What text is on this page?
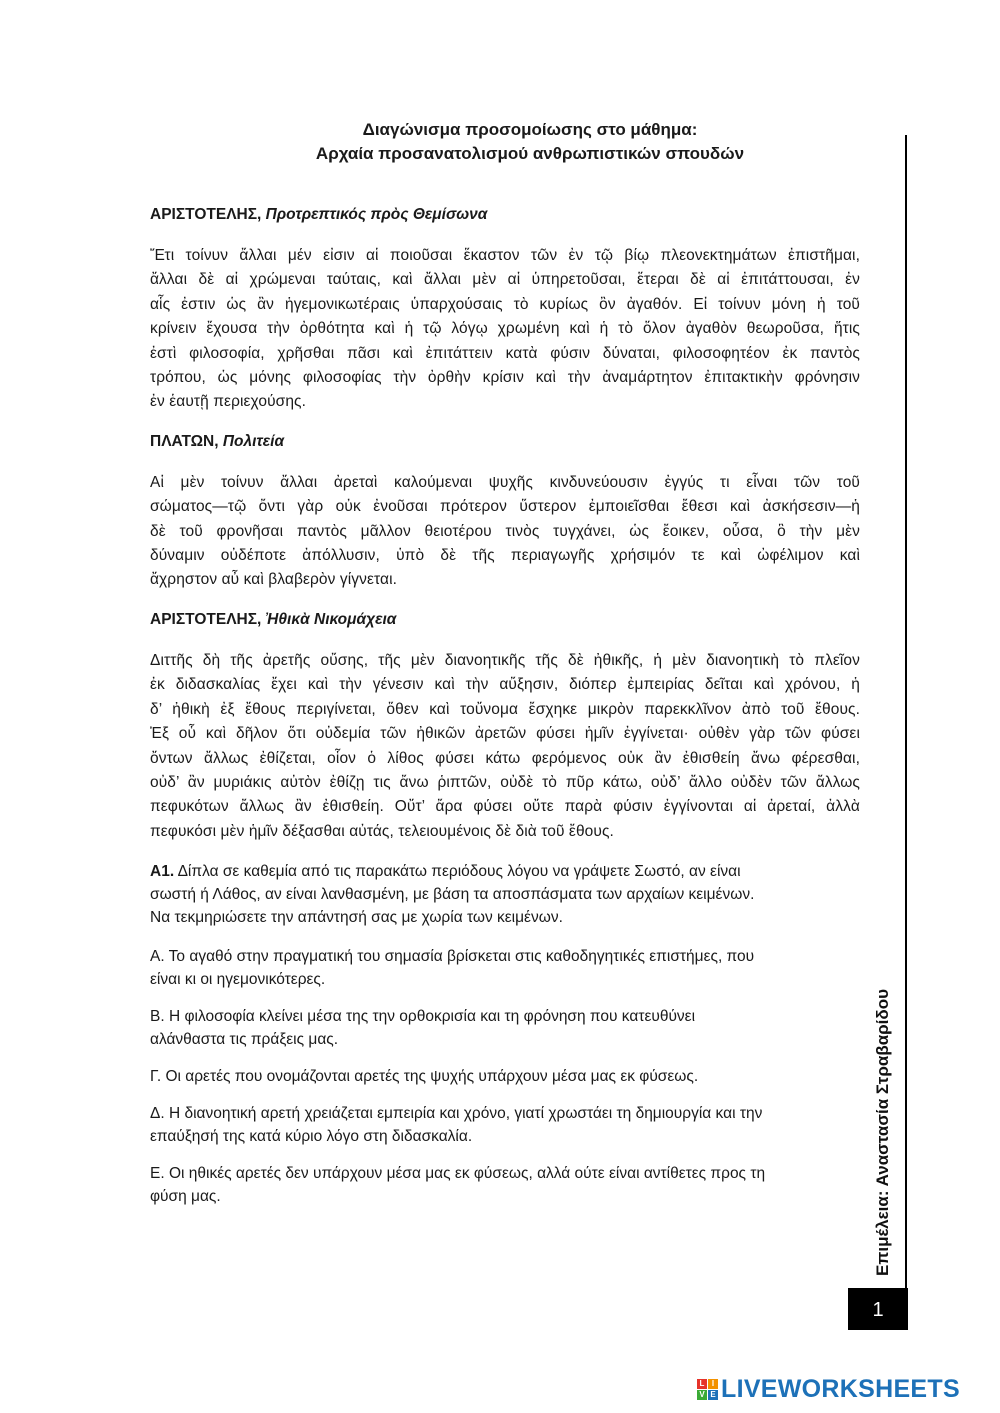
Διαγώνισμα προσομοίωσης στο μάθημα:
Αρχαία προσανατολισμού ανθρωπιστικών σπουδών
ΑΡΙΣΤΟΤΕΛΗΣ, Προτρεπτικός πρὸς Θεμίσωνα
Ἔτι τοίνυν ἄλλαι μέν εἰσιν αἱ ποιοῦσαι ἕκαστον τῶν ἐν τῷ βίῳ πλεονεκτημάτων ἐπιστῆμαι,
ἄλλαι δὲ αἱ χρώμεναι ταύταις, καὶ ἄλλαι μὲν αἱ ὑπηρετοῦσαι, ἕτεραι δὲ αἱ ἐπιτάττουσαι, ἐν
αἷς ἐστιν ὡς ἂν ἡγεμονικωτέραις ὑπαρχούσαις τὸ κυρίως ὂν ἀγαθόν. Εἰ τοίνυν μόνη ἡ τοῦ
κρίνειν ἔχουσα τὴν ὀρθότητα καὶ ἡ τῷ λόγῳ χρωμένη καὶ ἡ τὸ ὅλον ἀγαθὸν θεωροῦσα, ἥτις
ἐστὶ φιλοσοφία, χρῆσθαι πᾶσι καὶ ἐπιτάττειν κατὰ φύσιν δύναται, φιλοσοφητέον ἐκ παντὸς
τρόπου, ὡς μόνης φιλοσοφίας τὴν ὀρθὴν κρίσιν καὶ τὴν ἀναμάρτητον ἐπιτακτικὴν φρόνησιν
ἐν ἑαυτῇ περιεχούσης.
ΠΛΑΤΩΝ, Πολιτεία
Αἱ μὲν τοίνυν ἄλλαι ἀρεταὶ καλούμεναι ψυχῆς κινδυνεύουσιν ἐγγύς τι εἶναι τῶν τοῦ
σώματος—τῷ ὄντι γὰρ οὐκ ἐνοῦσαι πρότερον ὕστερον ἐμποιεῖσθαι ἔθεσι καὶ ἀσκήσεσιν—ἡ
δὲ τοῦ φρονῆσαι παντὸς μᾶλλον θειοτέρου τινὸς τυγχάνει, ὡς ἔοικεν, οὖσα, ὃ τὴν μὲν
δύναμιν οὐδέποτε ἀπόλλυσιν, ὑπὸ δὲ τῆς περιαγωγῆς χρήσιμόν τε καὶ ὠφέλιμον καὶ
ἄχρηστον αὖ καὶ βλαβερὸν γίγνεται.
ΑΡΙΣΤΟΤΕΛΗΣ, Ἠθικὰ Νικομάχεια
Διττῆς δὴ τῆς ἀρετῆς οὔσης, τῆς μὲν διανοητικῆς τῆς δὲ ἠθικῆς, ἡ μὲν διανοητικὴ τὸ πλεῖον
ἐκ διδασκαλίας ἔχει καὶ τὴν γένεσιν καὶ τὴν αὔξησιν, διόπερ ἐμπειρίας δεῖται καὶ χρόνου, ἡ
δ’ ἠθικὴ ἐξ ἔθους περιγίνεται, ὅθεν καὶ τοὔνομα ἔσχηκε μικρὸν παρεκκλῖνον ἀπὸ τοῦ ἔθους.
Ἐξ οὗ καὶ δῆλον ὅτι οὐδεμία τῶν ἠθικῶν ἀρετῶν φύσει ἡμῖν ἐγγίνεται· οὐθὲν γὰρ τῶν φύσει
ὄντων ἄλλως ἐθίζεται, οἷον ὁ λίθος φύσει κάτω φερόμενος οὐκ ἂν ἐθισθείη ἄνω φέρεσθαι,
οὐδ’ ἂν μυριάκις αὐτὸν ἐθίζῃ τις ἄνω ῥιπτῶν, οὐδὲ τὸ πῦρ κάτω, οὐδ’ ἄλλο οὐδὲν τῶν ἄλλως
πεφυκότων ἄλλως ἂν ἐθισθείη. Οὔτ’ ἄρα φύσει οὔτε παρὰ φύσιν ἐγγίνονται αἱ ἀρεταί, ἀλλὰ
πεφυκόσι μὲν ἡμῖν δέξασθαι αὐτάς, τελειουμένοις δὲ διὰ τοῦ ἔθους.
Α1. Δίπλα σε καθεμία από τις παρακάτω περιόδους λόγου να γράψετε Σωστό, αν είναι
σωστή ή Λάθος, αν είναι λανθασμένη, με βάση τα αποσπάσματα των αρχαίων κειμένων.
Να τεκμηριώσετε την απάντησή σας με χωρία των κειμένων.
Α. Το αγαθό στην πραγματική του σημασία βρίσκεται στις καθοδηγητικές επιστήμες, που
είναι κι οι ηγεμονικότερες.
Β. Η φιλοσοφία κλείνει μέσα της την ορθοκρισία και τη φρόνηση που κατευθύνει
αλάνθαστα τις πράξεις μας.
Γ. Οι αρετές που ονομάζονται αρετές της ψυχής υπάρχουν μέσα μας εκ φύσεως.
Δ. Η διανοητική αρετή χρειάζεται εμπειρία και χρόνο, γιατί χρωστάει τη δημιουργία και την
επαύξησή της κατά κύριο λόγο στη διδασκαλία.
Ε. Οι ηθικές αρετές δεν υπάρχουν μέσα μας εκ φύσεως, αλλά ούτε είναι αντίθετες προς τη
φύση μας.	Επιμέλεια: Αναστασία Στραβαρίδου
1
L I
V E LIVEWORKSHEETS
